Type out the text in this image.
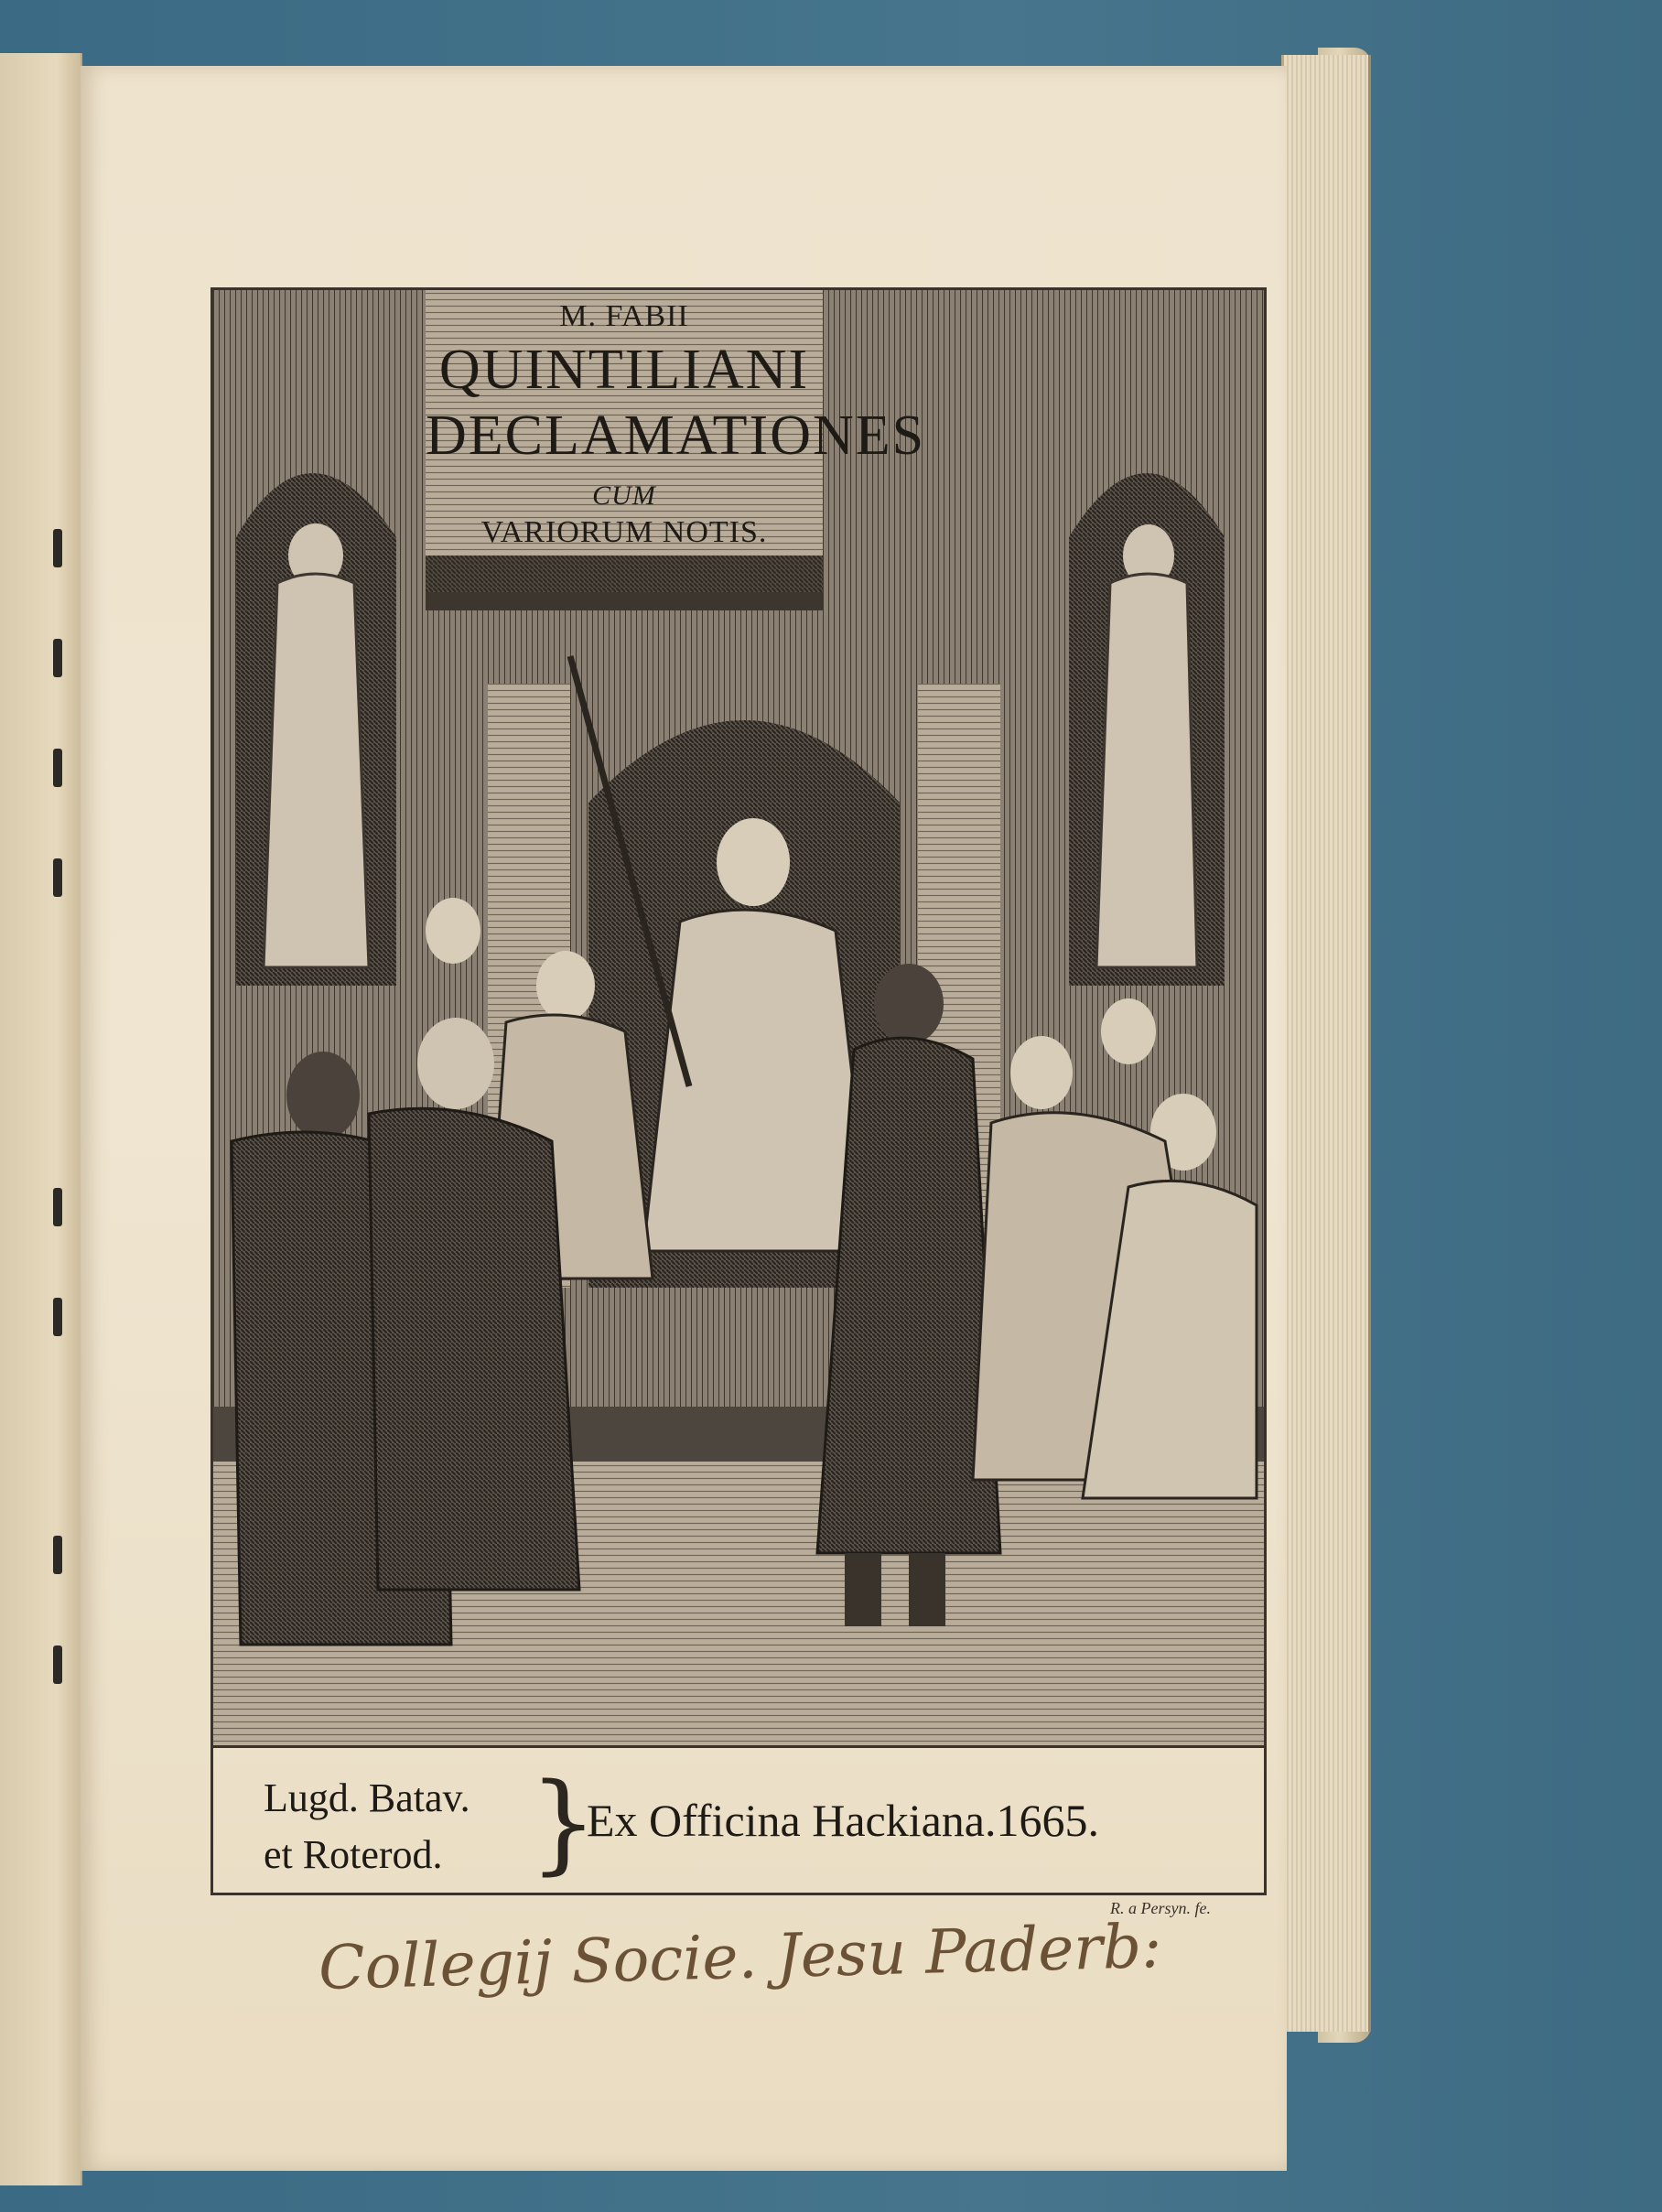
M. FABII
QUINTILIANI
DECLAMATIONES
CUM
VARIORUM NOTIS.
Lugd. Batav.
et Roterod. }
Ex Officina Hackiana.1665.
R. a Persyn. fe.
Collegij Socie. Jesu Paderb:
